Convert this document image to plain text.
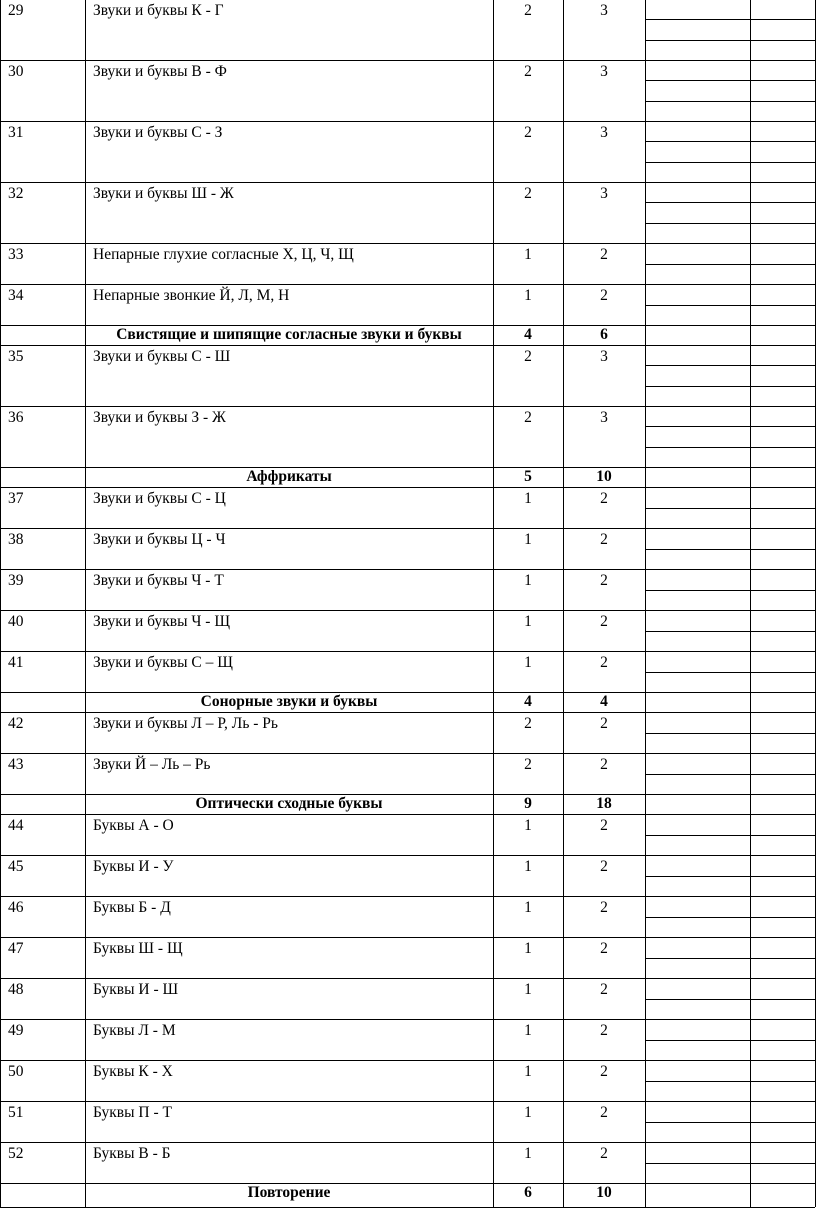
29	Звуки и буквы К - Г	2	3
30	Звуки и буквы В - Ф	2	3
31	Звуки и буквы С - З	2	3
32	Звуки и буквы Ш - Ж	2	3
33	Непарные глухие согласные Х, Ц, Ч, Щ	1	2
34	Непарные звонкие Й, Л, М, Н	1	2
Свистящие и шипящие согласные звуки и буквы	4	6
35	Звуки и буквы С - Ш	2	3
36	Звуки и буквы З - Ж	2	3
Аффрикаты	5	10
37	Звуки и буквы С - Ц	1	2
38	Звуки и буквы Ц - Ч	1	2
39	Звуки и буквы Ч - Т	1	2
40	Звуки и буквы Ч - Щ	1	2
41	Звуки и буквы С – Щ	1	2
Сонорные звуки и буквы	4	4
42	Звуки и буквы Л – Р, Ль - Рь	2	2
43	Звуки Й – Ль – Рь	2	2
Оптически сходные буквы	9	18
44	Буквы А - О	1	2
45	Буквы И - У	1	2
46	Буквы Б - Д	1	2
47	Буквы Ш - Щ	1	2
48	Буквы И - Ш	1	2
49	Буквы Л - М	1	2
50	Буквы К - Х	1	2
51	Буквы П - Т	1	2
52	Буквы В - Б	1	2
Повторение	6	10
